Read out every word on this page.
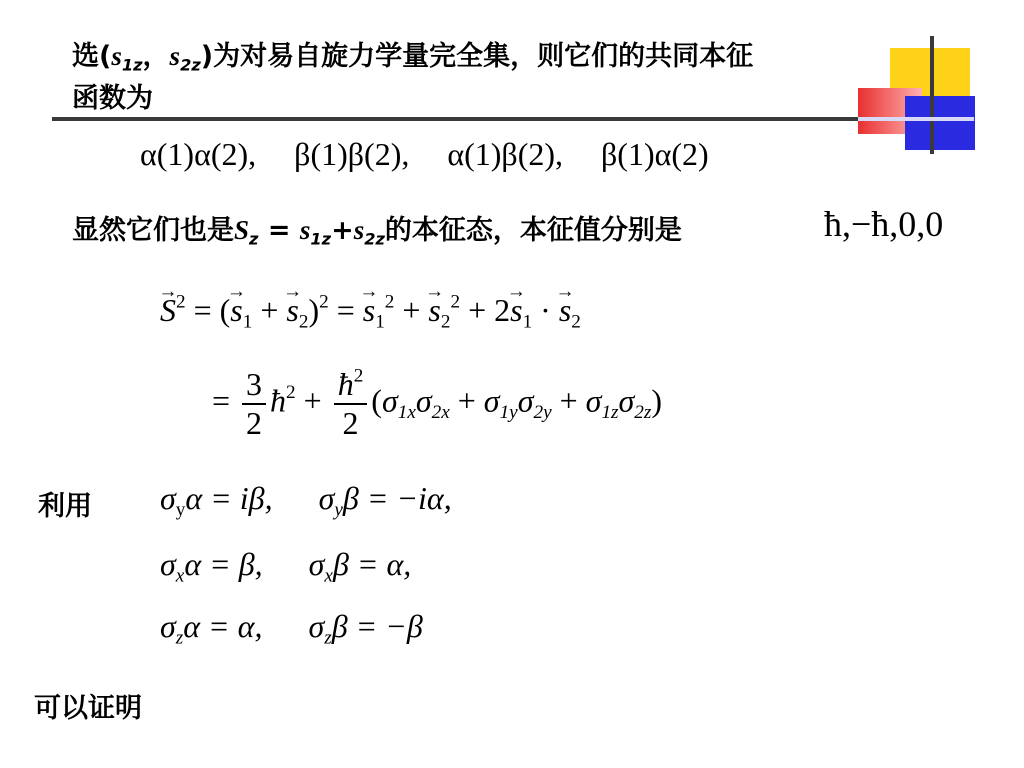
选($s_{1z}$，$s_{2z}$)为对易自旋力学量完全集，则它们的共同本征
函数为
α(1)α(2), β(1)β(2), α(1)β(2), β(1)α(2)
显然它们也是$S_z = s_{1z}+s_{2z}$的本征态，本征值分别是	ħ,−ħ,0,0
→ $S^2$ = (→ $s_1$ + → $s_2)^2$ = → $s_1^2$ + → $s_2^2 + 2\to s_1$ · → $s_2$
= $\frac{3}{2}$ $ħ^2 + \frac{ħ^2}{2} (\sigma_{1x}\sigma_{2x} + \sigma_{1y}\sigma_{2y} + \sigma_{1z}\sigma_{2z})$
利用 $\sigma_y\alpha = i\beta$, $\sigma_y\beta = -i\alpha$,
$\sigma_x\alpha = \beta$, $\sigma_x\beta = \alpha$,
$\sigma_z\alpha = \alpha$, $\sigma_z\beta = -\beta$
可以证明
